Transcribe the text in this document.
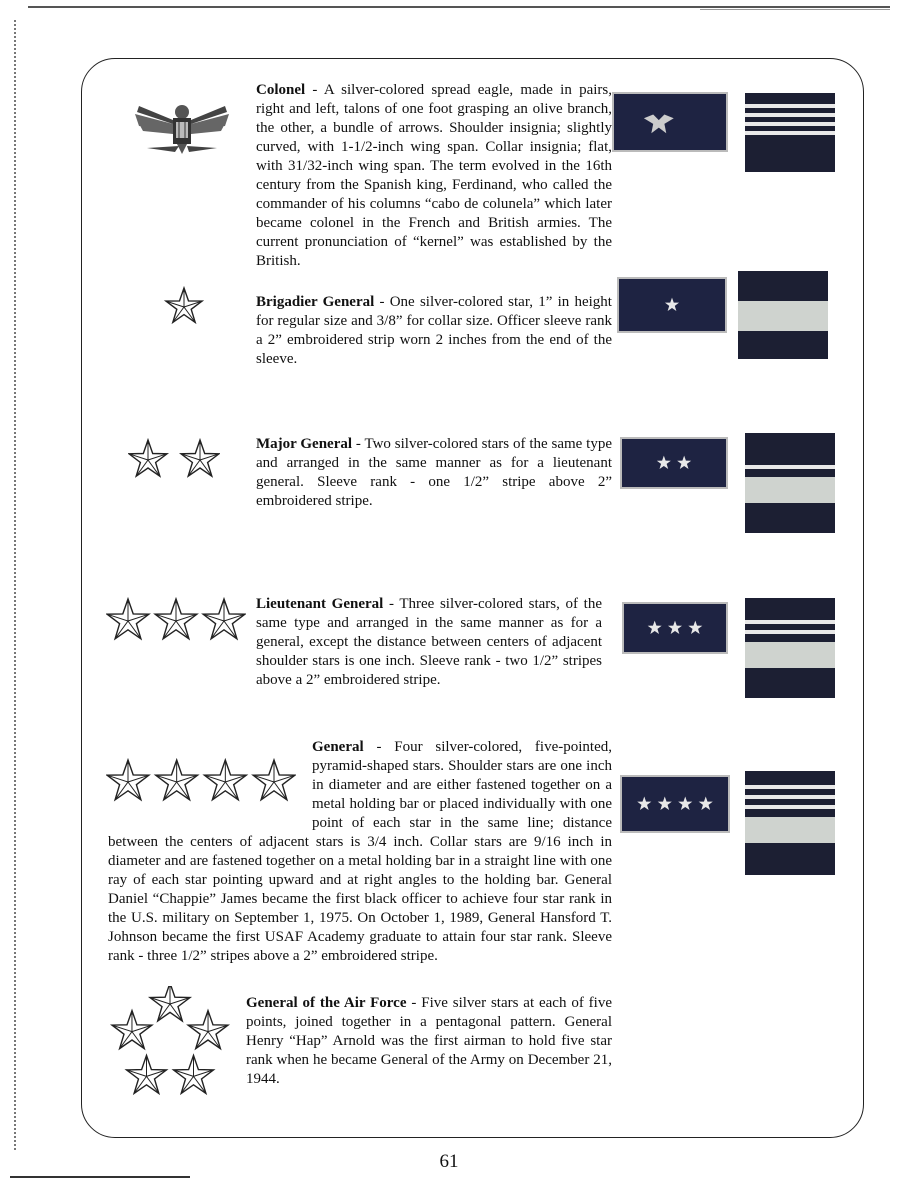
Colonel - A silver-colored spread eagle, made in pairs, right and left, talons of one foot grasping an olive branch, the other, a bundle of arrows. Shoulder insignia; slightly curved, with 1-1/2-inch wing span. Collar insignia; flat, with 31/32-inch wing span. The term evolved in the 16th century from the Spanish king, Ferdinand, who called the commander of his columns “cabo de colunela” which later became colonel in the French and British armies. The current pronunciation of “kernel” was established by the British.
Brigadier General - One silver-colored star, 1” in height for regular size and 3/8” for collar size. Officer sleeve rank a 2” embroidered strip worn 2 inches from the end of the sleeve.
Major General - Two silver-colored stars of the same type and arranged in the same manner as for a lieutenant general. Sleeve rank - one 1/2” stripe above 2” embroidered stripe.
Lieutenant General - Three silver-colored stars, of the same type and arranged in the same manner as for a general, except the distance between centers of adjacent shoulder stars is one inch. Sleeve rank - two 1/2” stripes above a 2” embroidered stripe.
General - Four silver-colored, five-pointed, pyramid-shaped stars. Shoulder stars are one inch in diameter and are either fastened together on a metal holding bar or placed individually with one point of each star in the same line; distance between the centers of adjacent stars is 3/4 inch. Collar stars are 9/16 inch in diameter and are fastened together on a metal holding bar in a straight line with one ray of each star pointing upward and at right angles to the holding bar. General Daniel “Chappie” James became the first black officer to achieve four star rank in the U.S. military on September 1, 1975. On October 1, 1989, General Hansford T. Johnson became the first USAF Academy graduate to attain four star rank. Sleeve rank - three 1/2” stripes above a 2” embroidered stripe.
General of the Air Force - Five silver stars at each of five points, joined together in a pentagonal pattern. General Henry “Hap” Arnold was the first airman to hold five star rank when he became General of the Army on December 21, 1944.
61
